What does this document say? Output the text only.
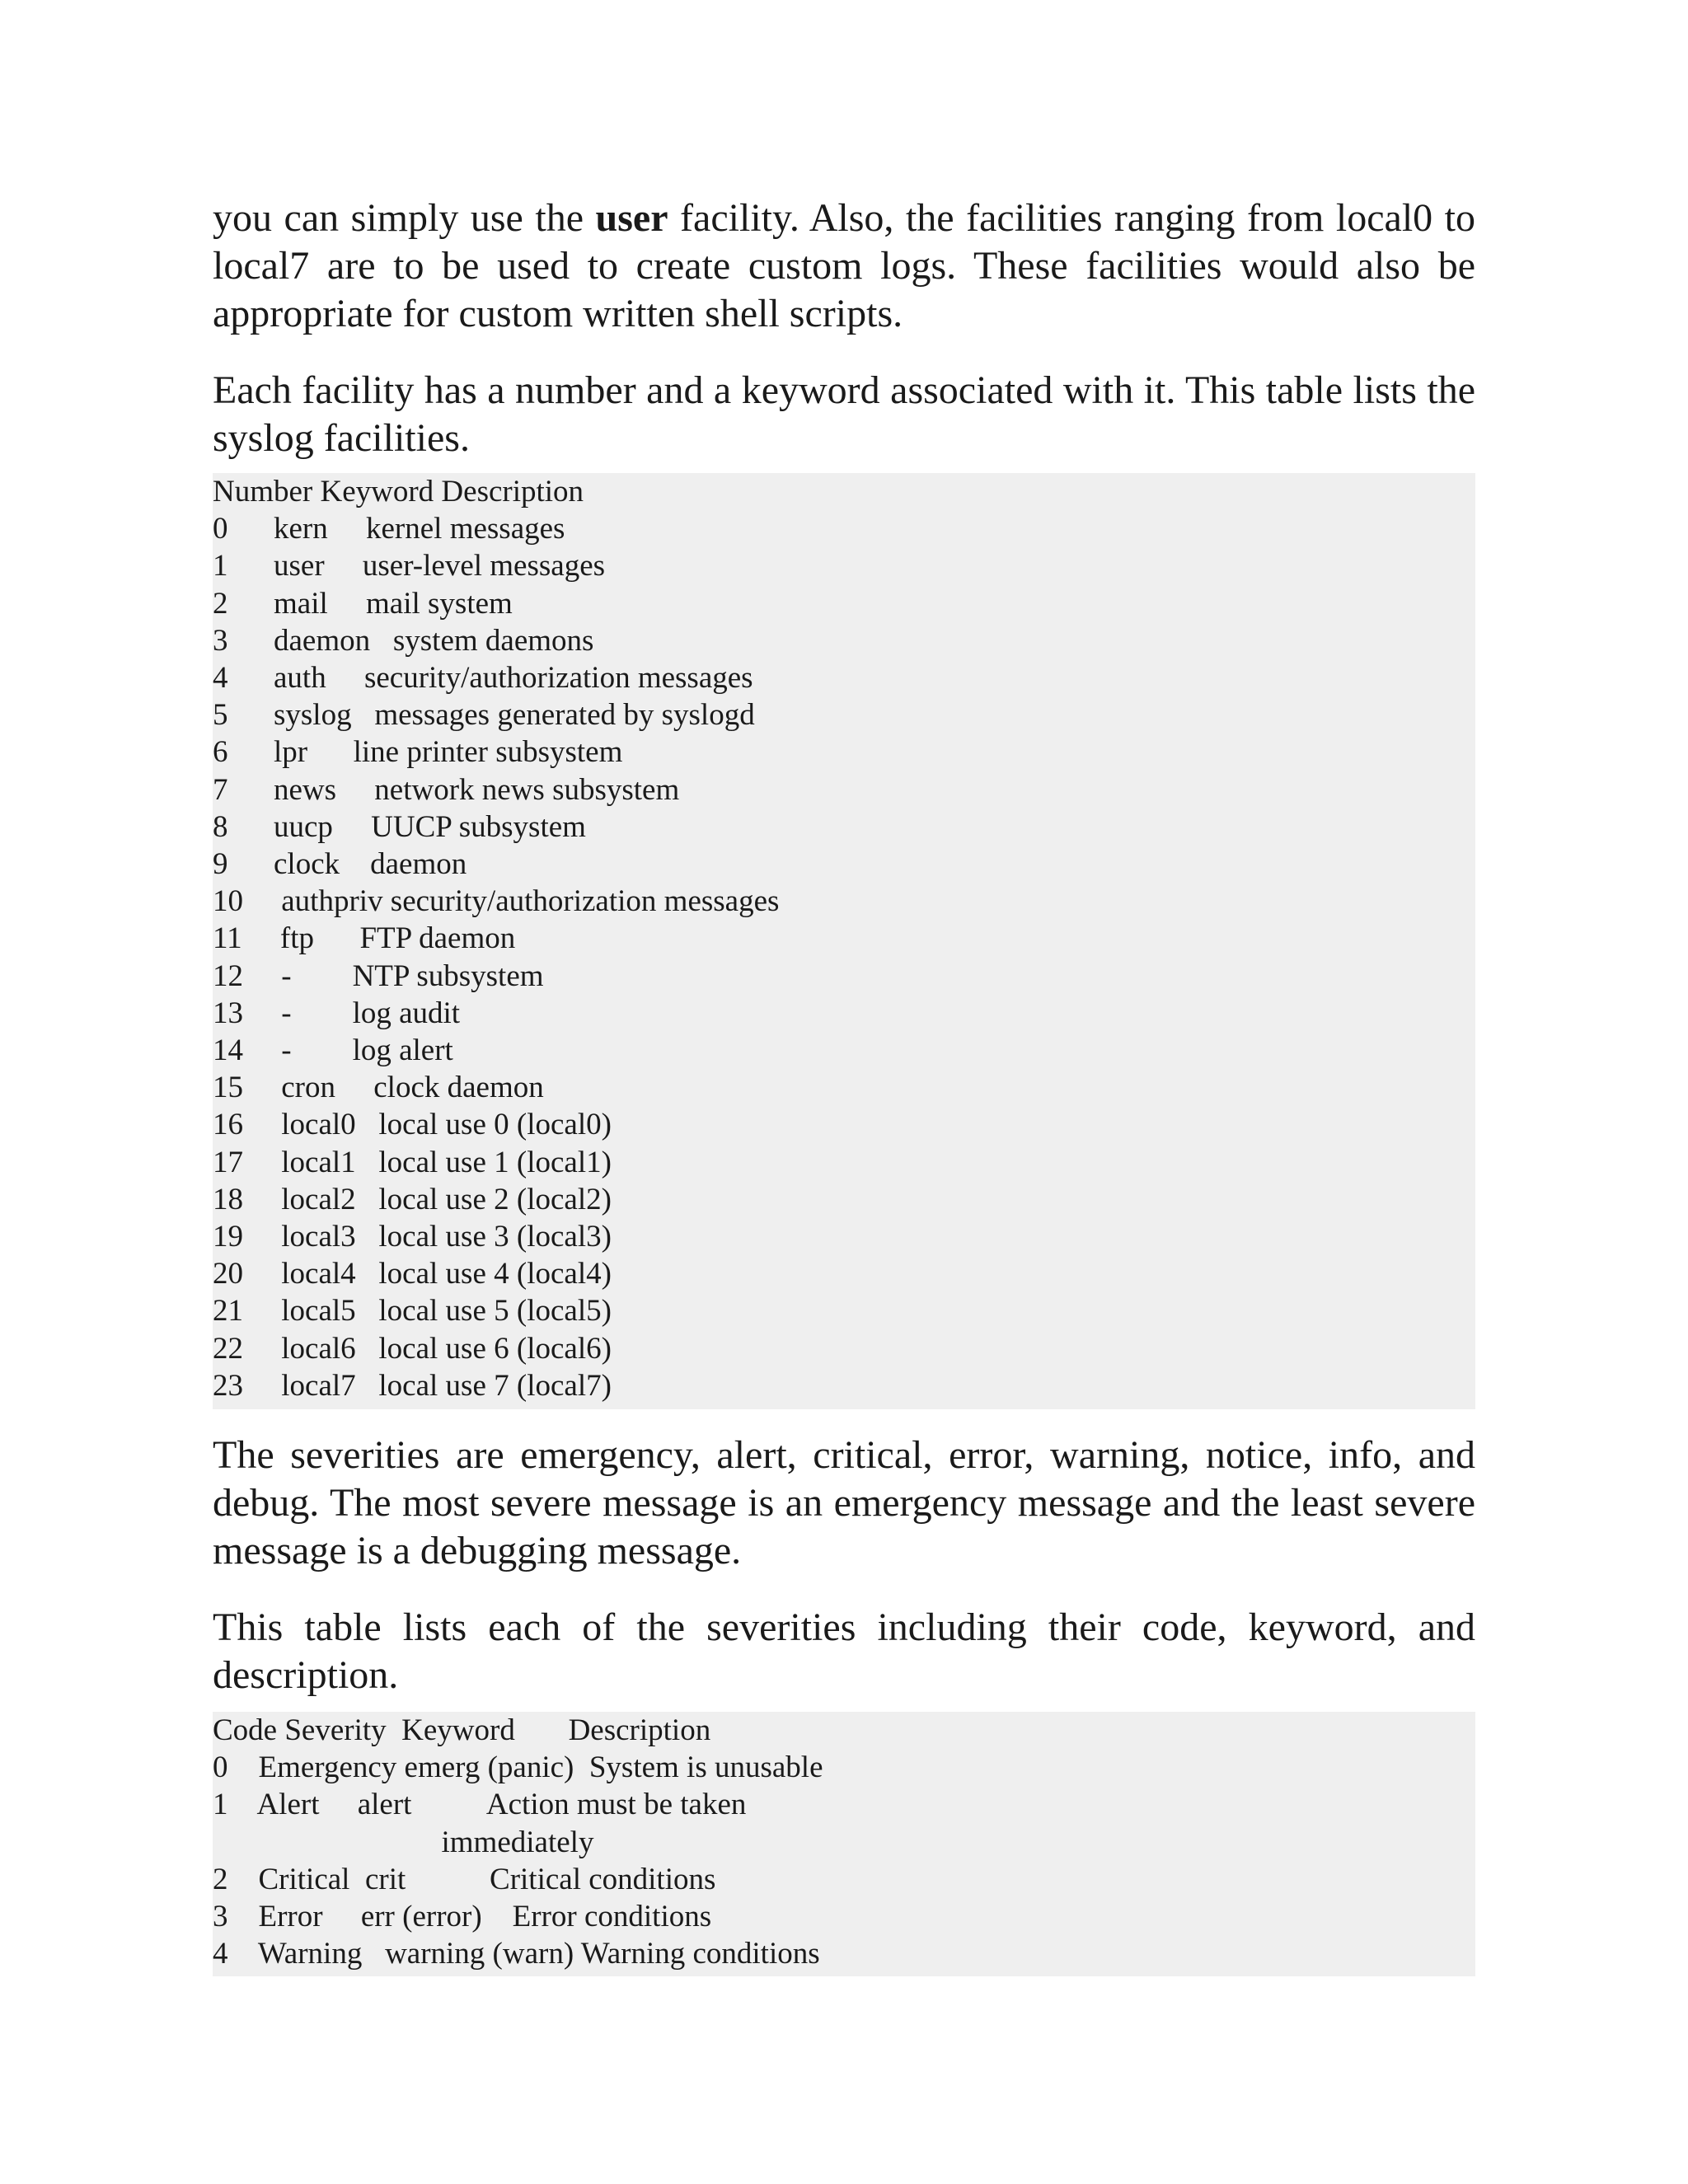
you can simply use the user facility. Also, the facilities ranging from local0 to local7 are to be used to create custom logs. These facilities would also be appropriate for custom written shell scripts.

Each facility has a number and a keyword associated with it. This table lists the syslog facilities.

Number Keyword Description
0      kern     kernel messages
1      user     user-level messages
2      mail     mail system
3      daemon   system daemons
4      auth     security/authorization messages
5      syslog   messages generated by syslogd
6      lpr      line printer subsystem
7      news     network news subsystem
8      uucp     UUCP subsystem
9      clock    daemon
10     authpriv security/authorization messages
11     ftp      FTP daemon
12     -        NTP subsystem
13     -        log audit
14     -        log alert
15     cron     clock daemon
16     local0   local use 0 (local0)
17     local1   local use 1 (local1)
18     local2   local use 2 (local2)
19     local3   local use 3 (local3)
20     local4   local use 4 (local4)
21     local5   local use 5 (local5)
22     local6   local use 6 (local6)
23     local7   local use 7 (local7)

The severities are emergency, alert, critical, error, warning, notice, info, and debug. The most severe message is an emergency message and the least severe message is a debugging message.

This table lists each of the severities including their code, keyword, and description.

Code Severity  Keyword       Description
0    Emergency emerg (panic)  System is unusable
1    Alert     alert          Action must be taken
immediately
2    Critical  crit           Critical conditions
3    Error     err (error)    Error conditions
4    Warning   warning (warn) Warning conditions
